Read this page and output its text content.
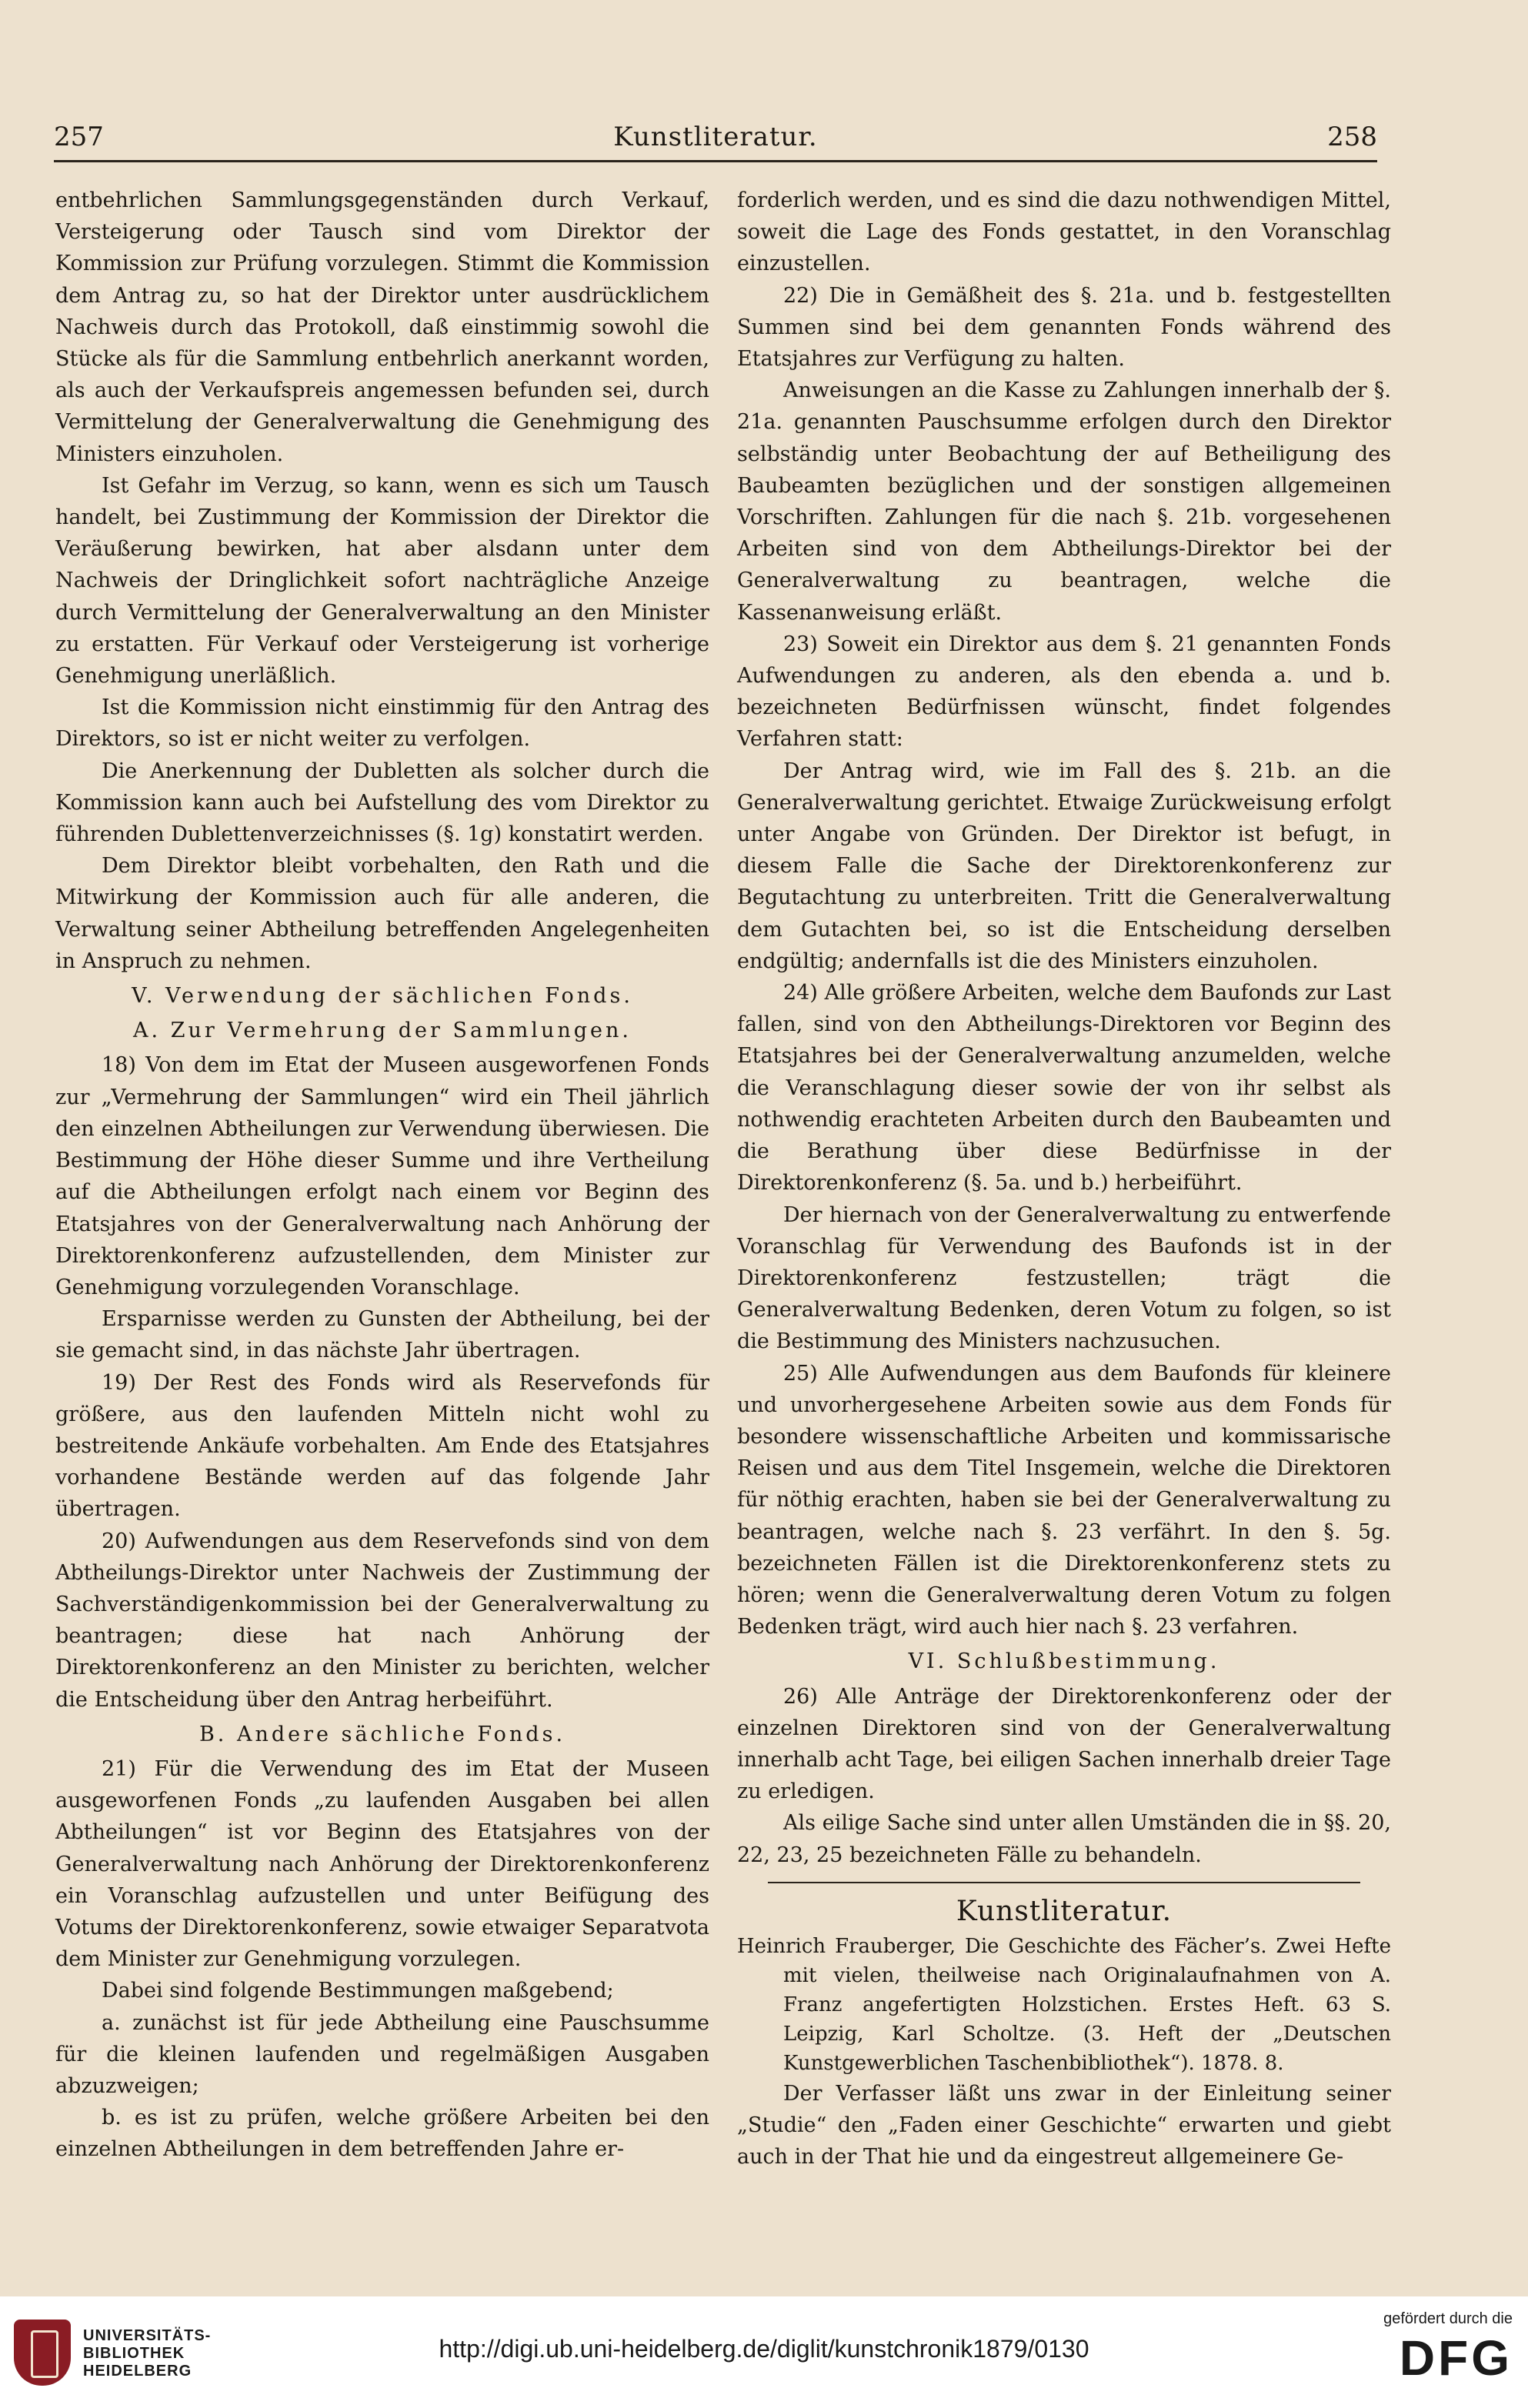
257	Kunstliteratur.	258

entbehrlichen Sammlungsgegenständen durch Verkauf, Versteigerung oder Tausch sind vom Direktor der Kommission zur Prüfung vorzulegen. Stimmt die Kommission dem Antrag zu, so hat der Direktor unter ausdrücklichem Nachweis durch das Protokoll, daß einstimmig sowohl die Stücke als für die Sammlung entbehrlich anerkannt worden, als auch der Verkaufspreis angemessen befunden sei, durch Vermittelung der Generalverwaltung die Genehmigung des Ministers einzuholen.

Ist Gefahr im Verzug, so kann, wenn es sich um Tausch handelt, bei Zustimmung der Kommission der Direktor die Veräußerung bewirken, hat aber alsdann unter dem Nachweis der Dringlichkeit sofort nachträgliche Anzeige durch Vermittelung der Generalverwaltung an den Minister zu erstatten. Für Verkauf oder Versteigerung ist vorherige Genehmigung unerläßlich.

Ist die Kommission nicht einstimmig für den Antrag des Direktors, so ist er nicht weiter zu verfolgen.

Die Anerkennung der Dubletten als solcher durch die Kommission kann auch bei Aufstellung des vom Direktor zu führenden Dublettenverzeichnisses (§. 1g) konstatirt werden.

Dem Direktor bleibt vorbehalten, den Rath und die Mitwirkung der Kommission auch für alle anderen, die Verwaltung seiner Abtheilung betreffenden Angelegenheiten in Anspruch zu nehmen.

V. Verwendung der sächlichen Fonds.
A. Zur Vermehrung der Sammlungen.

18) Von dem im Etat der Museen ausgeworfenen Fonds zur „Vermehrung der Sammlungen“ wird ein Theil jährlich den einzelnen Abtheilungen zur Verwendung überwiesen. Die Bestimmung der Höhe dieser Summe und ihre Vertheilung auf die Abtheilungen erfolgt nach einem vor Beginn des Etatsjahres von der Generalverwaltung nach Anhörung der Direktorenkonferenz aufzustellenden, dem Minister zur Genehmigung vorzulegenden Voranschlage.

Ersparnisse werden zu Gunsten der Abtheilung, bei der sie gemacht sind, in das nächste Jahr übertragen.

19) Der Rest des Fonds wird als Reservefonds für größere, aus den laufenden Mitteln nicht wohl zu bestreitende Ankäufe vorbehalten. Am Ende des Etatsjahres vorhandene Bestände werden auf das folgende Jahr übertragen.

20) Aufwendungen aus dem Reservefonds sind von dem Abtheilungs-Direktor unter Nachweis der Zustimmung der Sachverständigenkommission bei der Generalverwaltung zu beantragen; diese hat nach Anhörung der Direktorenkonferenz an den Minister zu berichten, welcher die Entscheidung über den Antrag herbeiführt.

B. Andere sächliche Fonds.

21) Für die Verwendung des im Etat der Museen ausgeworfenen Fonds „zu laufenden Ausgaben bei allen Abtheilungen“ ist vor Beginn des Etatsjahres von der Generalverwaltung nach Anhörung der Direktorenkonferenz ein Voranschlag aufzustellen und unter Beifügung des Votums der Direktorenkonferenz, sowie etwaiger Separatvota dem Minister zur Genehmigung vorzulegen.

Dabei sind folgende Bestimmungen maßgebend;

a. zunächst ist für jede Abtheilung eine Pauschsumme für die kleinen laufenden und regelmäßigen Ausgaben abzuzweigen;

b. es ist zu prüfen, welche größere Arbeiten bei den einzelnen Abtheilungen in dem betreffenden Jahre er-

forderlich werden, und es sind die dazu nothwendigen Mittel, soweit die Lage des Fonds gestattet, in den Voranschlag einzustellen.

22) Die in Gemäßheit des §. 21a. und b. festgestellten Summen sind bei dem genannten Fonds während des Etatsjahres zur Verfügung zu halten.

Anweisungen an die Kasse zu Zahlungen innerhalb der §. 21a. genannten Pauschsumme erfolgen durch den Direktor selbständig unter Beobachtung der auf Betheiligung des Baubeamten bezüglichen und der sonstigen allgemeinen Vorschriften. Zahlungen für die nach §. 21b. vorgesehenen Arbeiten sind von dem Abtheilungs-Direktor bei der Generalverwaltung zu beantragen, welche die Kassenanweisung erläßt.

23) Soweit ein Direktor aus dem §. 21 genannten Fonds Aufwendungen zu anderen, als den ebenda a. und b. bezeichneten Bedürfnissen wünscht, findet folgendes Verfahren statt:

Der Antrag wird, wie im Fall des §. 21b. an die Generalverwaltung gerichtet. Etwaige Zurückweisung erfolgt unter Angabe von Gründen. Der Direktor ist befugt, in diesem Falle die Sache der Direktorenkonferenz zur Begutachtung zu unterbreiten. Tritt die Generalverwaltung dem Gutachten bei, so ist die Entscheidung derselben endgültig; andernfalls ist die des Ministers einzuholen.

24) Alle größere Arbeiten, welche dem Baufonds zur Last fallen, sind von den Abtheilungs-Direktoren vor Beginn des Etatsjahres bei der Generalverwaltung anzumelden, welche die Veranschlagung dieser sowie der von ihr selbst als nothwendig erachteten Arbeiten durch den Baubeamten und die Berathung über diese Bedürfnisse in der Direktorenkonferenz (§. 5a. und b.) herbeiführt.

Der hiernach von der Generalverwaltung zu entwerfende Voranschlag für Verwendung des Baufonds ist in der Direktorenkonferenz festzustellen; trägt die Generalverwaltung Bedenken, deren Votum zu folgen, so ist die Bestimmung des Ministers nachzusuchen.

25) Alle Aufwendungen aus dem Baufonds für kleinere und unvorhergesehene Arbeiten sowie aus dem Fonds für besondere wissenschaftliche Arbeiten und kommissarische Reisen und aus dem Titel Insgemein, welche die Direktoren für nöthig erachten, haben sie bei der Generalverwaltung zu beantragen, welche nach §. 23 verfährt. In den §. 5g. bezeichneten Fällen ist die Direktorenkonferenz stets zu hören; wenn die Generalverwaltung deren Votum zu folgen Bedenken trägt, wird auch hier nach §. 23 verfahren.

VI. Schlußbestimmung.

26) Alle Anträge der Direktorenkonferenz oder der einzelnen Direktoren sind von der Generalverwaltung innerhalb acht Tage, bei eiligen Sachen innerhalb dreier Tage zu erledigen.

Als eilige Sache sind unter allen Umständen die in §§. 20, 22, 23, 25 bezeichneten Fälle zu behandeln.

Kunstliteratur.

Heinrich Frauberger, Die Geschichte des Fächer’s. Zwei Hefte mit vielen, theilweise nach Originalaufnahmen von A. Franz angefertigten Holzstichen. Erstes Heft. 63 S. Leipzig, Karl Scholtze. (3. Heft der „Deutschen Kunstgewerblichen Taschenbibliothek“). 1878. 8.

Der Verfasser läßt uns zwar in der Einleitung seiner „Studie“ den „Faden einer Geschichte“ erwarten und giebt auch in der That hie und da eingestreut allgemeinere Ge-

UNIVERSITÄTS-
BIBLIOTHEK
HEIDELBERG
http://digi.ub.uni-heidelberg.de/diglit/kunstchronik1879/0130
gefördert durch die
DFG
